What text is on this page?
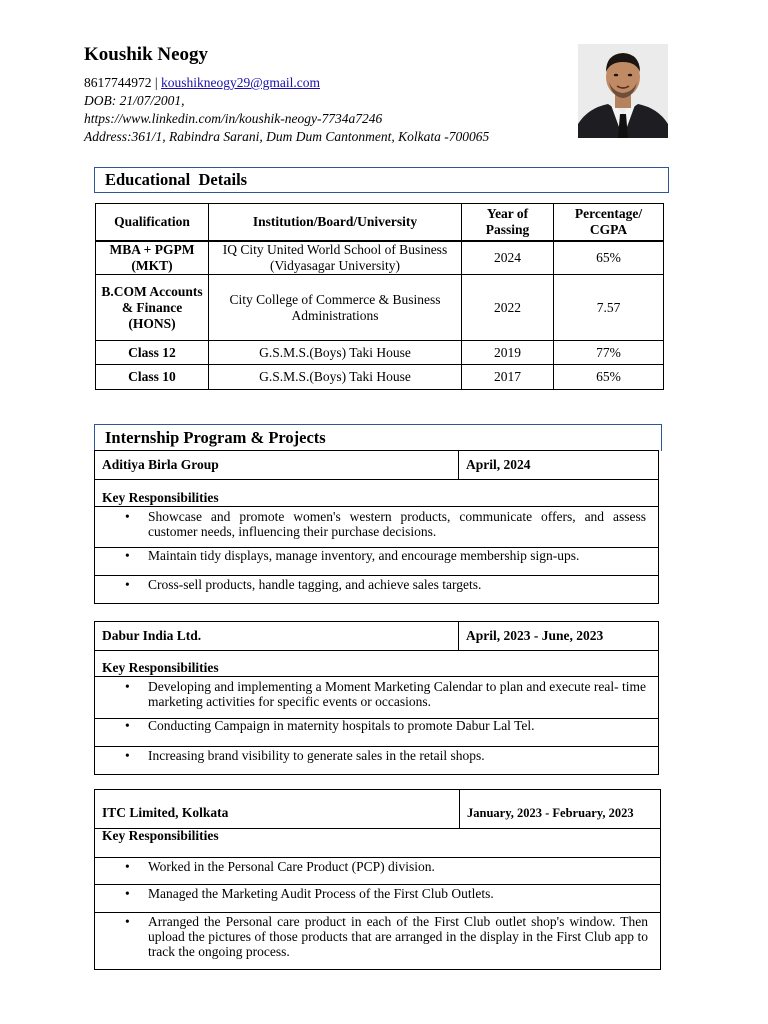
Koushik Neogy
8617744972 | koushikneogy29@gmail.com
DOB: 21/07/2001,
https://www.linkedin.com/in/koushik-neogy-7734a7246
Address:361/1, Rabindra Sarani, Dum Dum Cantonment, Kolkata -700065
Educational  Details
Qualification	Institution/Board/University	Year of Passing	Percentage/ CGPA
MBA + PGPM (MKT)	IQ City United World School of Business (Vidyasagar University)	2024	65%
B.COM Accounts & Finance (HONS)	City College of Commerce & Business Administrations	2022	7.57
Class 12	G.S.M.S.(Boys) Taki House	2019	77%
Class 10	G.S.M.S.(Boys) Taki House	2017	65%
Internship Program & Projects
Aditiya Birla Group	April, 2024
Key Responsibilities
• Showcase and promote women's western products, communicate offers, and assess customer needs, influencing their purchase decisions.
• Maintain tidy displays, manage inventory, and encourage membership sign-ups.
• Cross-sell products, handle tagging, and achieve sales targets.
Dabur India Ltd.	April, 2023 - June, 2023
Key Responsibilities
• Developing and implementing a Moment Marketing Calendar to plan and execute real- time marketing activities for specific events or occasions.
• Conducting Campaign in maternity hospitals to promote Dabur Lal Tel.
• Increasing brand visibility to generate sales in the retail shops.
ITC Limited, Kolkata	January, 2023 - February, 2023
Key Responsibilities
• Worked in the Personal Care Product (PCP) division.
• Managed the Marketing Audit Process of the First Club Outlets.
• Arranged the Personal care product in each of the First Club outlet shop's window. Then upload the pictures of those products that are arranged in the display in the First Club app to track the ongoing process.
